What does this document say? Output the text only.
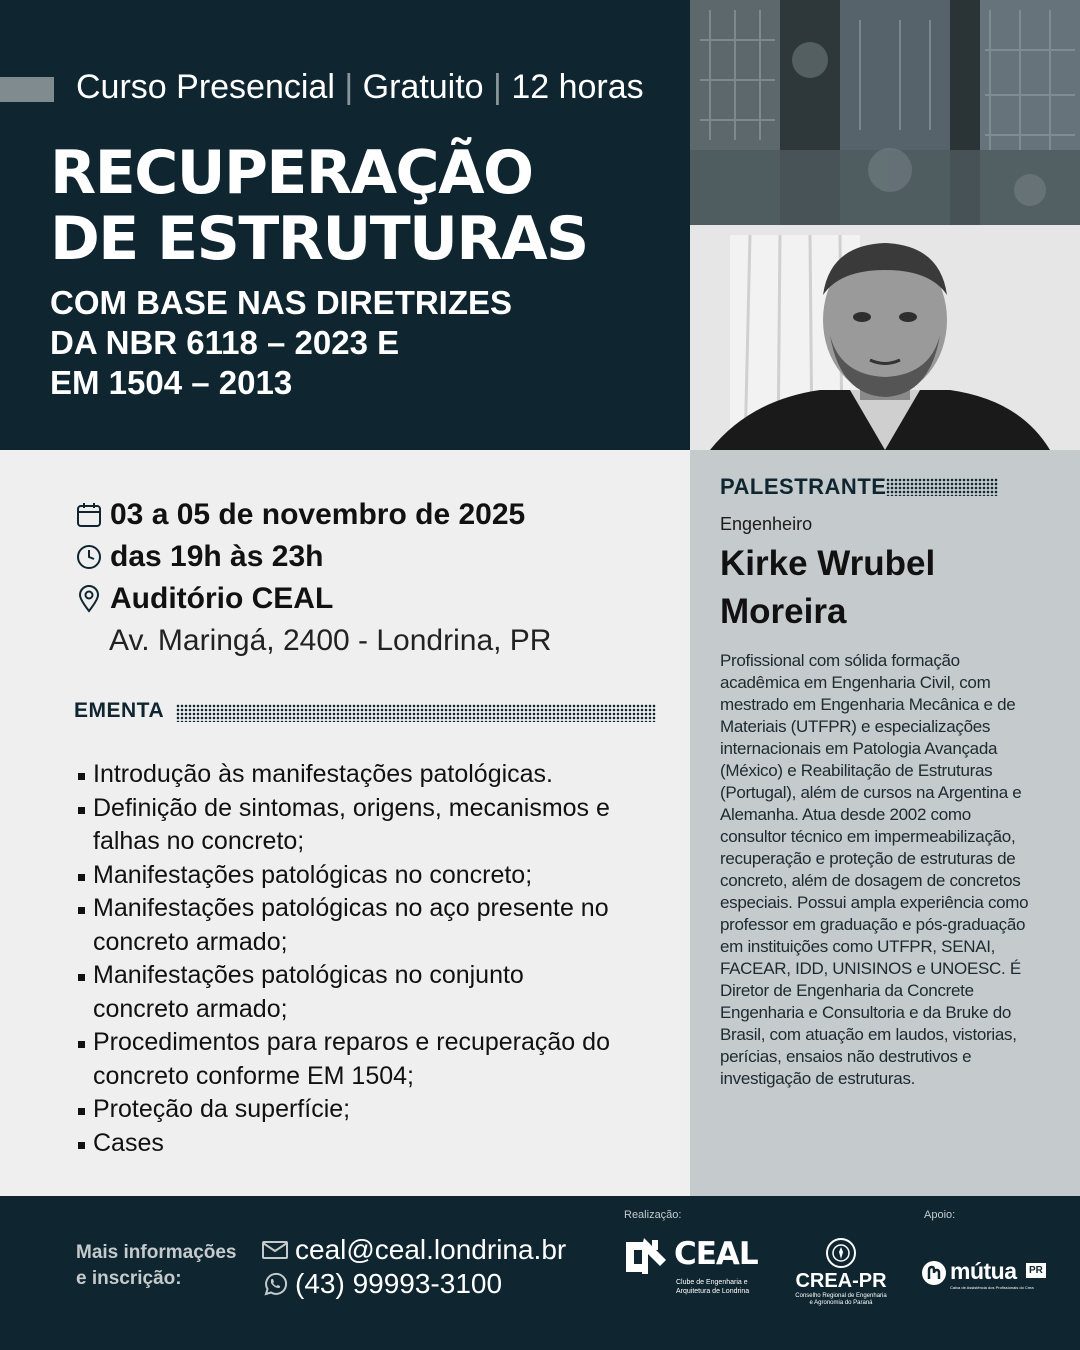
Curso Presencial | Gratuito | 12 horas
RECUPERAÇÃO
DE ESTRUTURAS
COM BASE NAS DIRETRIZES
DA NBR 6118 – 2023 E
EM 1504 – 2013
PALESTRANTE
Engenheiro
Kirke Wrubel
Moreira

Profissional com sólida formação acadêmica em Engenharia Civil, com mestrado em Engenharia Mecânica e de Materiais (UTFPR) e especializações internacionais em Patologia Avançada (México) e Reabilitação de Estruturas (Portugal), além de cursos na Argentina e Alemanha. Atua desde 2002 como consultor técnico em impermeabilização, recuperação e proteção de estruturas de concreto, além de dosagem de concretos especiais. Possui ampla experiência como professor em graduação e pós-graduação em instituições como UTFPR, SENAI, FACEAR, IDD, UNISINOS e UNOESC. É Diretor de Engenharia da Concrete Engenharia e Consultoria e da Bruke do Brasil, com atuação em laudos, vistorias, perícias, ensaios não destrutivos e investigação de estruturas.

03 a 05 de novembro de 2025
das 19h às 23h
Auditório CEAL
Av. Maringá, 2400 - Londrina, PR
EMENTA
Introdução às manifestações patológicas.
Definição de sintomas, origens, mecanismos e falhas no concreto;
Manifestações patológicas no concreto;
Manifestações patológicas no aço presente no concreto armado;
Manifestações patológicas no conjunto concreto armado;
Procedimentos para reparos e recuperação do concreto conforme EM 1504;
Proteção da superfície;
Cases
Mais informações
e inscrição:
ceal@ceal.londrina.br
(43) 99993-3100
Realização:	Apoio:
CEAL
Clube de Engenharia e
Arquitetura de Londrina CREA-PR
Conselho Regional de Engenharia
e Agronomia do Paraná
mútua	PR
Caixa de Assistência dos Profissionais do Crea
